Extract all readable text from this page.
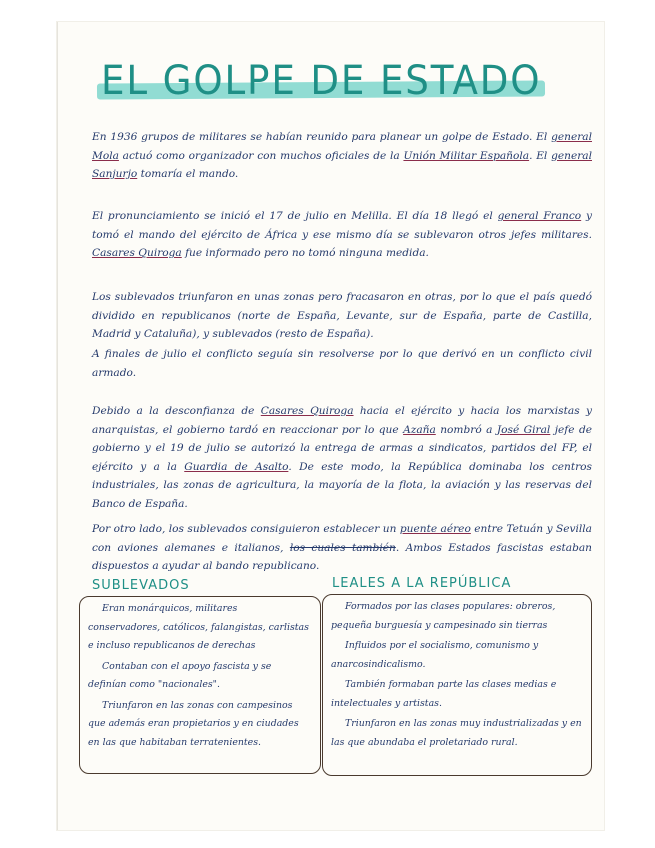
EL GOLPE DE ESTADO
En 1936 grupos de militares se habían reunido para planear un golpe de Estado. El general Mola actuó como organizador con muchos oficiales de la Unión Militar Española. El general Sanjurjo tomaría el mando.
El pronunciamiento se inició el 17 de julio en Melilla. El día 18 llegó el general Franco y tomó el mando del ejército de África y ese mismo día se sublevaron otros jefes militares. Casares Quiroga fue informado pero no tomó ninguna medida.
Los sublevados triunfaron en unas zonas pero fracasaron en otras, por lo que el país quedó dividido en republicanos (norte de España, Levante, sur de España, parte de Castilla, Madrid y Cataluña), y sublevados (resto de España).
A finales de julio el conflicto seguía sin resolverse por lo que derivó en un conflicto civil armado.
Debido a la desconfianza de Casares Quiroga hacia el ejército y hacia los marxistas y anarquistas, el gobierno tardó en reaccionar por lo que Azaña nombró a José Giral jefe de gobierno y el 19 de julio se autorizó la entrega de armas a sindicatos, partidos del FP, el ejército y a la Guardia de Asalto. De este modo, la República dominaba los centros industriales, las zonas de agricultura, la mayoría de la flota, la aviación y las reservas del Banco de España.
Por otro lado, los sublevados consiguieron establecer un puente aéreo entre Tetuán y Sevilla con aviones alemanes e italianos, los cuales también. Ambos Estados fascistas estaban dispuestos a ayudar al bando republicano.
SUBLEVADOS

Eran monárquicos, militares conservadores, católicos, falangistas, carlistas e incluso republicanos de derechas

Contaban con el apoyo fascista y se definían como "nacionales".

Triunfaron en las zonas con campesinos que además eran propietarios y en ciudades en las que habitaban terratenientes.

LEALES A LA REPÚBLICA

Formados por las clases populares: obreros, pequeña burguesía y campesinado sin tierras

Influidos por el socialismo, comunismo y anarcosindicalismo.

También formaban parte las clases medias e intelectuales y artistas.

Triunfaron en las zonas muy industrializadas y en las que abundaba el proletariado rural.
